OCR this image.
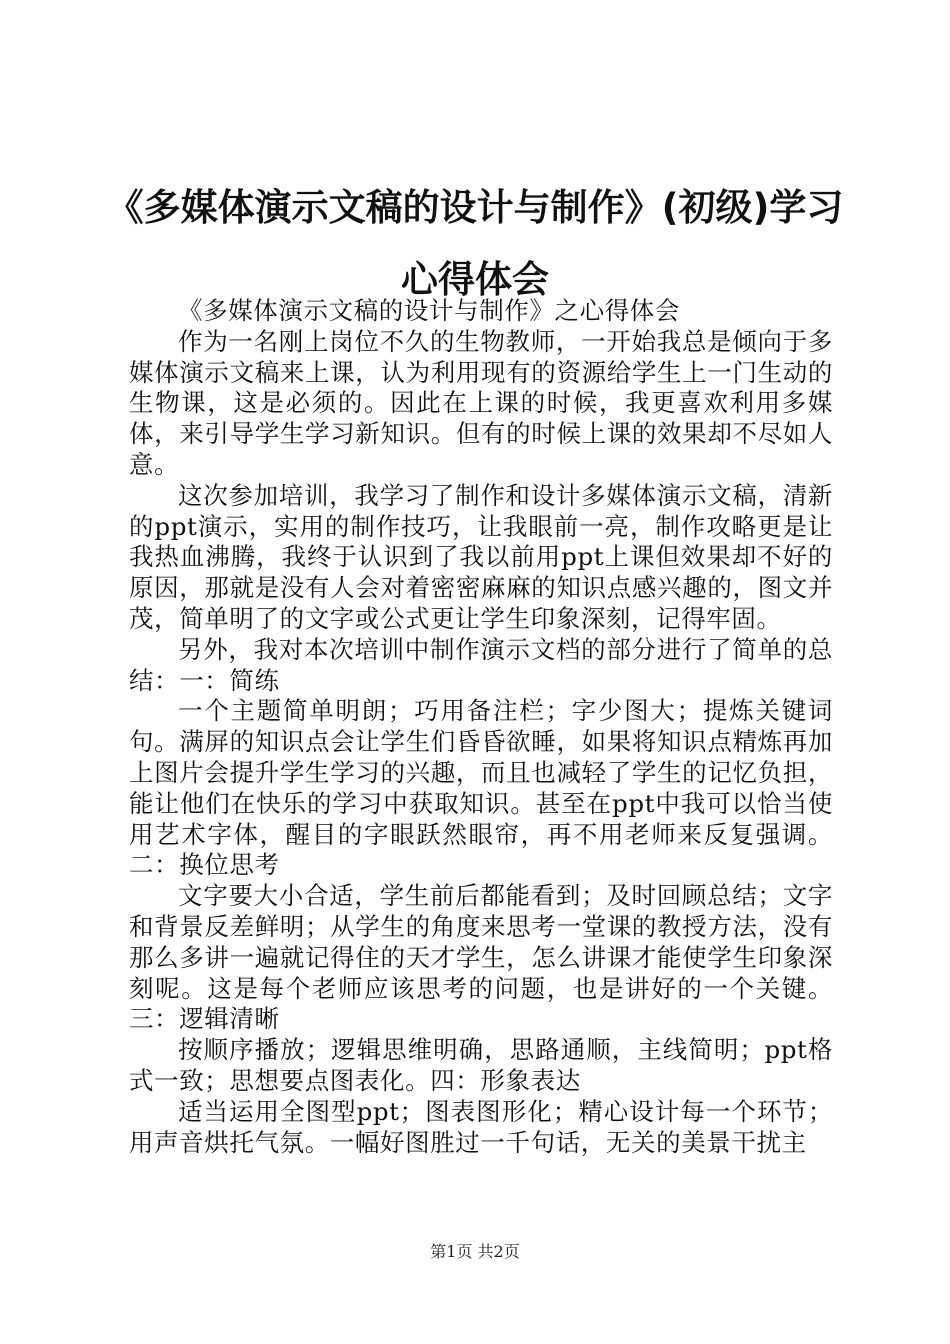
《多媒体演示文稿的设计与制作》(初级)学习
心得体会

《多媒体演示文稿的设计与制作》之心得体会

作为一名刚上岗位不久的生物教师，一开始我总是倾向于多媒体演示文稿来上课，认为利用现有的资源给学生上一门生动的生物课，这是必须的。因此在上课的时候，我更喜欢利用多媒体，来引导学生学习新知识。但有的时候上课的效果却不尽如人意。

这次参加培训，我学习了制作和设计多媒体演示文稿，清新的ppt演示，实用的制作技巧，让我眼前一亮，制作攻略更是让我热血沸腾，我终于认识到了我以前用ppt上课但效果却不好的原因，那就是没有人会对着密密麻麻的知识点感兴趣的，图文并茂，简单明了的文字或公式更让学生印象深刻，记得牢固。

另外，我对本次培训中制作演示文档的部分进行了简单的总结：一：简练

一个主题简单明朗；巧用备注栏；字少图大；提炼关键词句。满屏的知识点会让学生们昏昏欲睡，如果将知识点精炼再加上图片会提升学生学习的兴趣，而且也减轻了学生的记忆负担，能让他们在快乐的学习中获取知识。甚至在ppt中我可以恰当使用艺术字体，醒目的字眼跃然眼帘，再不用老师来反复强调。二：换位思考

文字要大小合适，学生前后都能看到；及时回顾总结；文字和背景反差鲜明；从学生的角度来思考一堂课的教授方法，没有那么多讲一遍就记得住的天才学生，怎么讲课才能使学生印象深刻呢。这是每个老师应该思考的问题，也是讲好的一个关键。三：逻辑清晰

按顺序播放；逻辑思维明确，思路通顺，主线简明；ppt格式一致；思想要点图表化。四：形象表达

适当运用全图型ppt；图表图形化；精心设计每一个环节；用声音烘托气氛。一幅好图胜过一千句话，无关的美景干扰主

第1页 共2页
